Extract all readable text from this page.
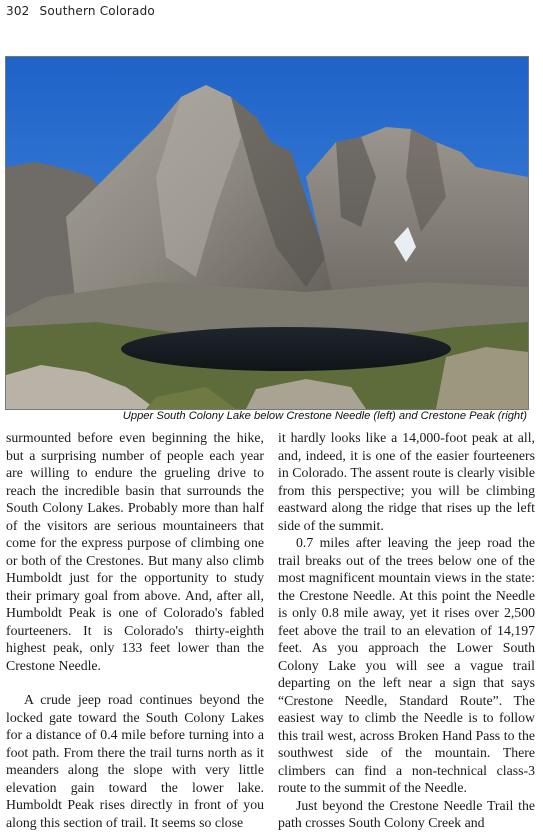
302 Southern Colorado
Upper South Colony Lake below Crestone Needle (left) and Crestone Peak (right)

surmounted before even beginning the hike, but a surprising number of people each year are willing to endure the grueling drive to reach the incredible basin that surrounds the South Colony Lakes. Probably more than half of the visitors are serious mountaineers that come for the express purpose of climbing one or both of the Crestones. But many also climb Humboldt just for the opportunity to study their primary goal from above. And, after all, Humboldt Peak is one of Colorado's fabled fourteeners. It is Colorado's thirty-eighth highest peak, only 133 feet lower than the Crestone Needle.

A crude jeep road continues beyond the locked gate toward the South Colony Lakes for a distance of 0.4 mile before turning into a foot path. From there the trail turns north as it meanders along the slope with very little elevation gain toward the lower lake. Humboldt Peak rises directly in front of you along this section of trail. It seems so close

it hardly looks like a 14,000-foot peak at all, and, indeed, it is one of the easier fourteeners in Colorado. The assent route is clearly visible from this perspective; you will be climbing eastward along the ridge that rises up the left side of the summit.

0.7 miles after leaving the jeep road the trail breaks out of the trees below one of the most magnificent mountain views in the state: the Crestone Needle. At this point the Needle is only 0.8 mile away, yet it rises over 2,500 feet above the trail to an elevation of 14,197 feet. As you approach the Lower South Colony Lake you will see a vague trail departing on the left near a sign that says “Crestone Needle, Standard Route”. The easiest way to climb the Needle is to follow this trail west, across Broken Hand Pass to the southwest side of the mountain. There climbers can find a non-technical class-3 route to the summit of the Needle.

Just beyond the Crestone Needle Trail the path crosses South Colony Creek and
